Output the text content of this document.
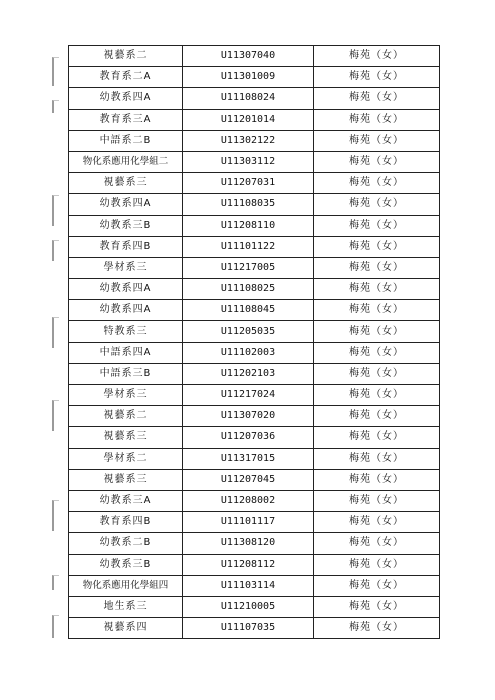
視藝系二	U11307040	梅苑（女）
教育系二A	U11301009	梅苑（女）
幼教系四A	U11108024	梅苑（女）
教育系三A	U11201014	梅苑（女）
中語系二B	U11302122	梅苑（女）
物化系應用化學組二	U11303112	梅苑（女）
視藝系三	U11207031	梅苑（女）
幼教系四A	U11108035	梅苑（女）
幼教系三B	U11208110	梅苑（女）
教育系四B	U11101122	梅苑（女）
學材系三	U11217005	梅苑（女）
幼教系四A	U11108025	梅苑（女）
幼教系四A	U11108045	梅苑（女）
特教系三	U11205035	梅苑（女）
中語系四A	U11102003	梅苑（女）
中語系三B	U11202103	梅苑（女）
學材系三	U11217024	梅苑（女）
視藝系二	U11307020	梅苑（女）
視藝系三	U11207036	梅苑（女）
學材系二	U11317015	梅苑（女）
視藝系三	U11207045	梅苑（女）
幼教系三A	U11208002	梅苑（女）
教育系四B	U11101117	梅苑（女）
幼教系二B	U11308120	梅苑（女）
幼教系三B	U11208112	梅苑（女）
物化系應用化學組四	U11103114	梅苑（女）
地生系三	U11210005	梅苑（女）
視藝系四	U11107035	梅苑（女）
